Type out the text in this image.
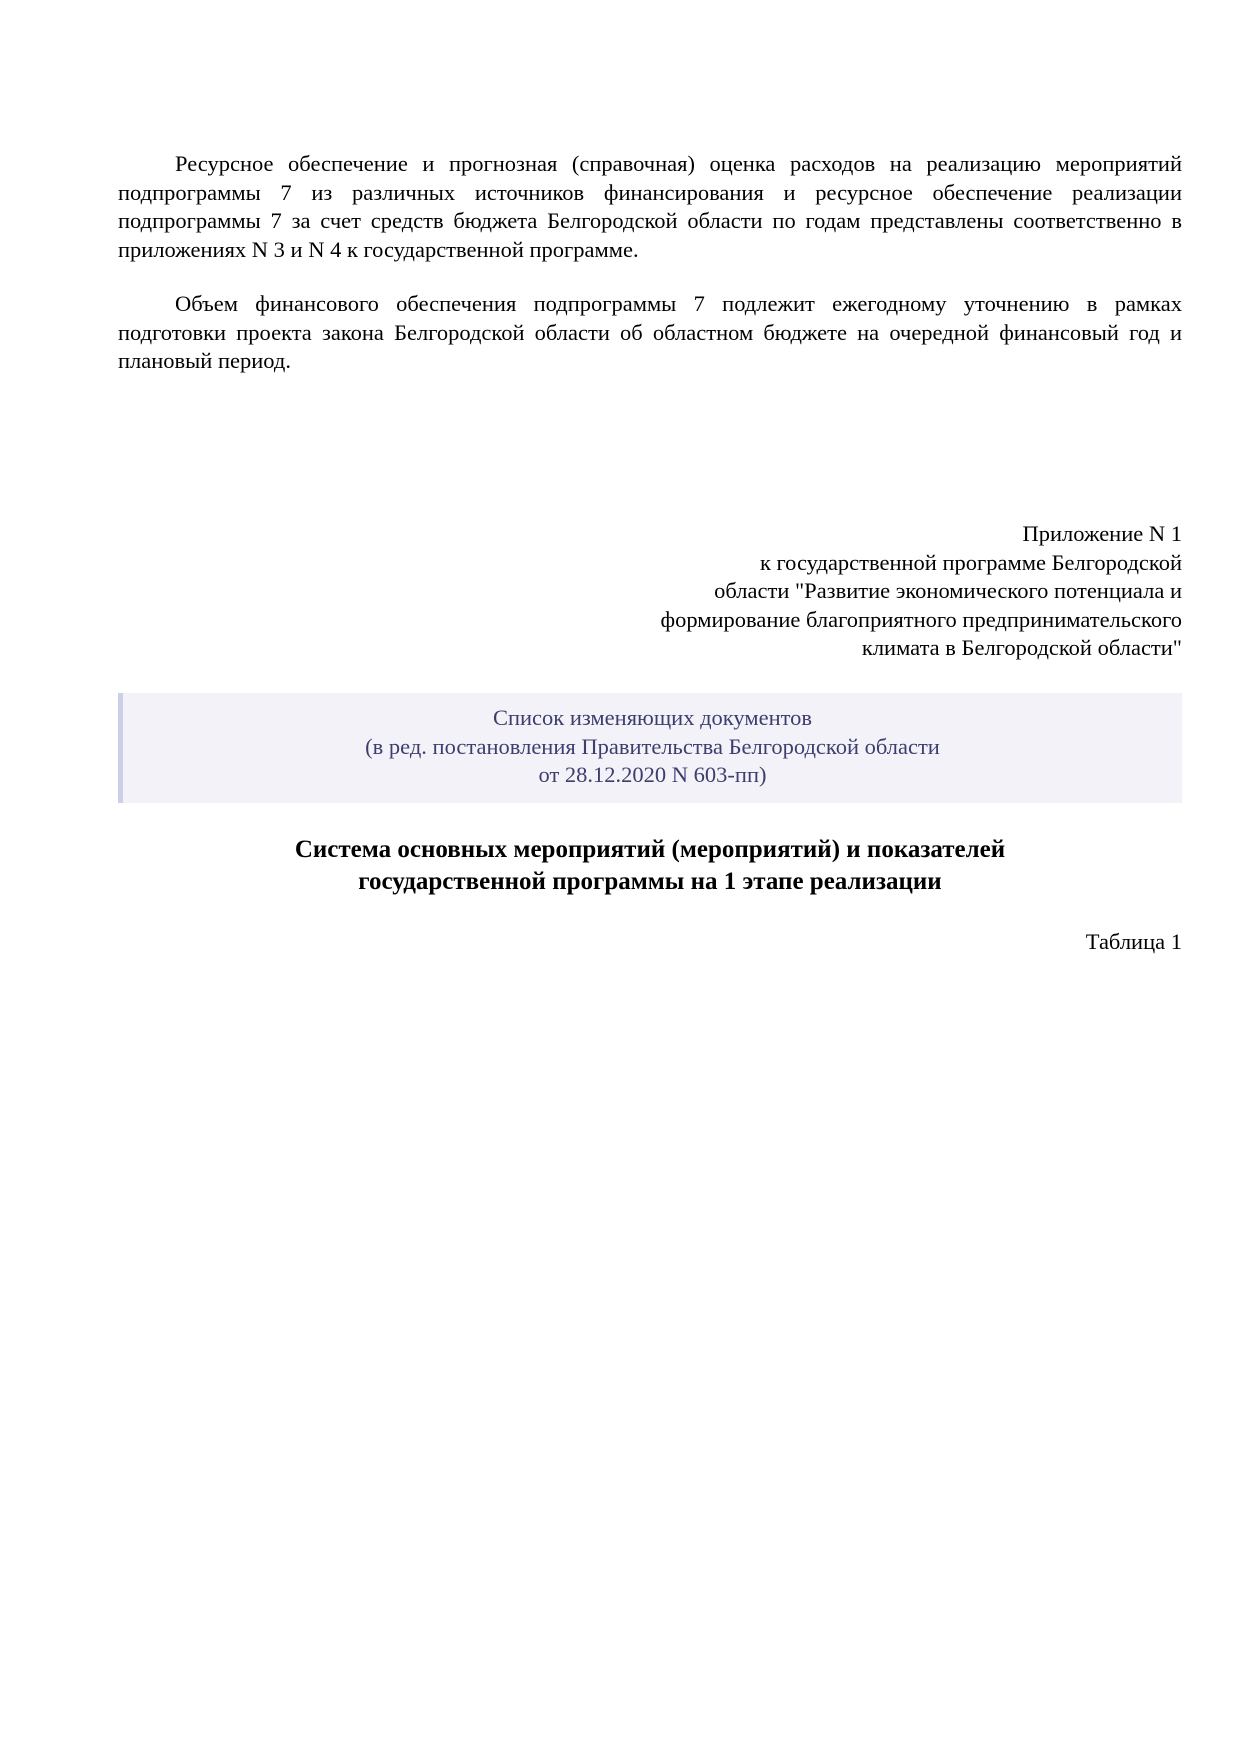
Ресурсное обеспечение и прогнозная (справочная) оценка расходов на реализацию мероприятий подпрограммы 7 из различных источников финансирования и ресурсное обеспечение реализации подпрограммы 7 за счет средств бюджета Белгородской области по годам представлены соответственно в приложениях N 3 и N 4 к государственной программе.

Объем финансового обеспечения подпрограммы 7 подлежит ежегодному уточнению в рамках подготовки проекта закона Белгородской области об областном бюджете на очередной финансовый год и плановый период.

Приложение N 1
к государственной программе Белгородской
области "Развитие экономического потенциала и
формирование благоприятного предпринимательского
климата в Белгородской области"
Список изменяющих документов
(в ред. постановления Правительства Белгородской области
от 28.12.2020 N 603-пп)
Система основных мероприятий (мероприятий) и показателей
государственной программы на 1 этапе реализации
Таблица 1
